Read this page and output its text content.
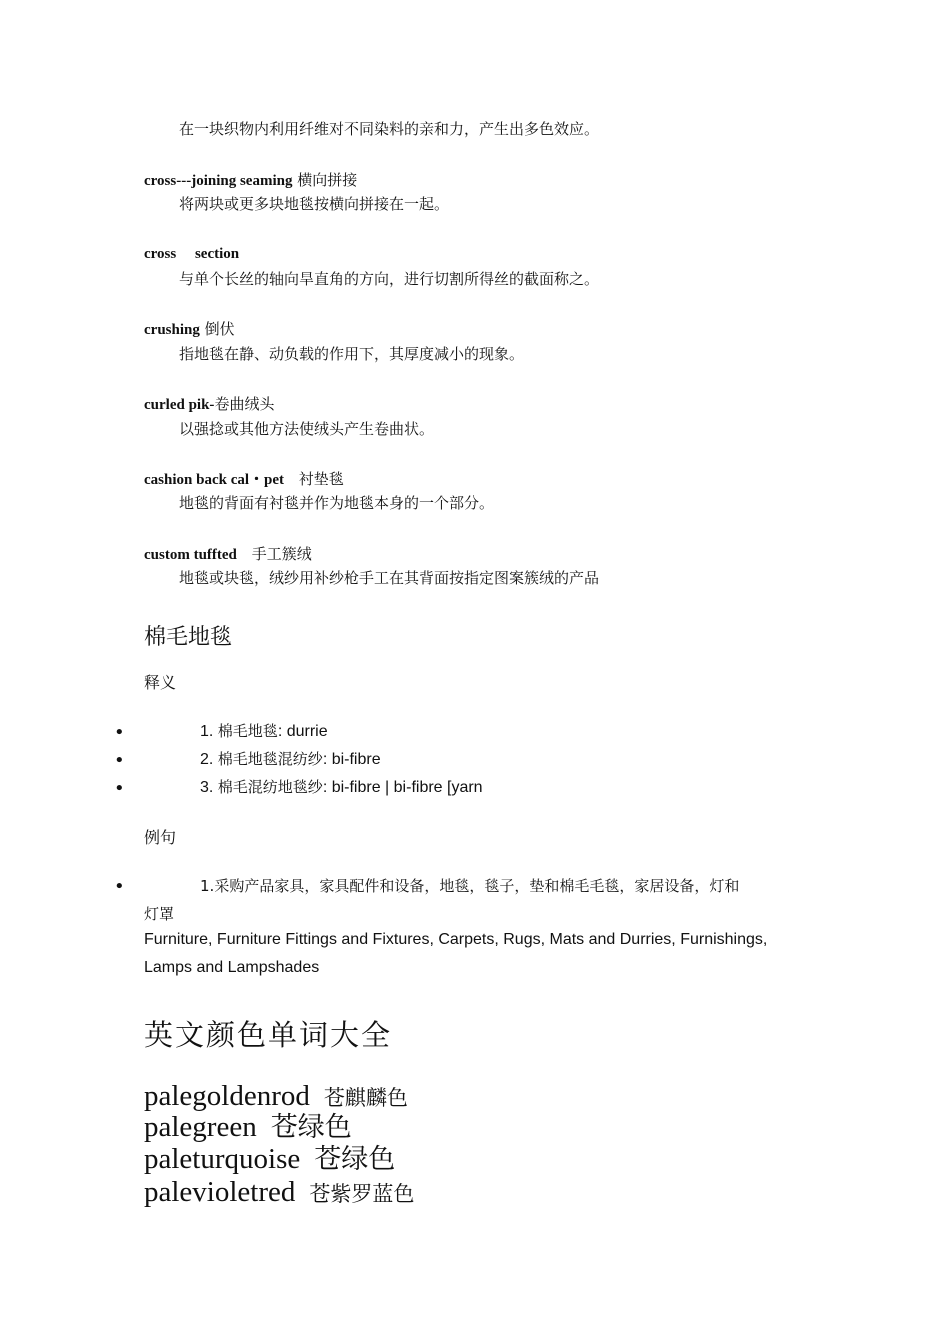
在一块织物内利用纤维对不同染料的亲和力，产生出多色效应。
cross---joining seaming 横向拼接
将两块或更多块地毯按横向拼接在一起。
cross  section
与单个长丝的轴向旱直角的方向，进行切割所得丝的截面称之。
crushing 倒伏
指地毯在静、动负载的作用下，其厚度减小的现象。
curled pik-卷曲绒头
以强捻或其他方法使绒头产生卷曲状。
cashion back cal・pet 衬垫毯
地毯的背面有衬毯并作为地毯本身的一个部分。
custom tuffted 手工簇绒
地毯或块毯，绒纱用补纱枪手工在其背面按指定图案簇绒的产品
棉毛地毯
释义
•	1. 棉毛地毯: durrie
•	2. 棉毛地毯混纺纱: bi-fibre
•	3. 棉毛混纺地毯纱: bi-fibre | bi-fibre [yarn
例句
•	1.采购产品家具，家具配件和设备，地毯，毯子，垫和棉毛毛毯，家居设备，灯和
灯罩
Furniture, Furniture Fittings and Fixtures, Carpets, Rugs, Mats and Durries, Furnishings,
Lamps and Lampshades
英文颜色单词大全
palegoldenrod 苍麒麟色
palegreen 苍绿色
paleturquoise 苍绿色
palevioletred 苍紫罗蓝色
